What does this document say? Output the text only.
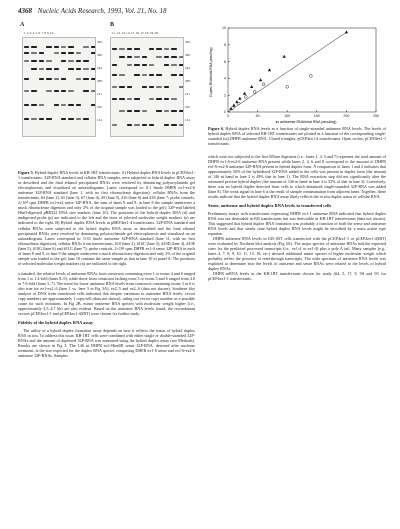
4368 Nucleic Acids Research, 1993, Vol. 21, No. 18
A	B
1 2 3 4 5 6 7 8 9 10	11 12 13 14 15 16 17 18 19 20
506
396
344
298
221
220
154
506
396
344
298
221
220
154
0	50	100	150	200	250
0
2
4
6
8
10
Duplex RNA/total RNA (amol/ug)
ss antisense RNA/total RNA (amol/ug)
Figure 6. Hybrid duplex RNA levels as a function of single-stranded antisense RNA levels. The levels of hybrid duplex RNA of selected KB-1BT transfectants are plotted as a function of the corresponding single-stranded (ss) DHFR antisense RNA. Closed triangles, pCEP4ex1-4 transfectants. Open circles, pCEP4ex1-1 transfectants.

Figure 5. Hybrid duplex RNA levels in KB-1BT transfectants. A) Hybrid duplex RNA levels in pCEP4ex1-1 transfectants. 32P-RNA standard and cellular RNA samples were subjected to hybrid duplex RNA assay as described and the final ethanol precipitated RNAs were resolved by denaturing polyacrylamide gel electrophoresis and visualized on autoradiograms. Lanes correspond to: 0.1 fmole DHFR ex1-ex2-6 antisense 32P-RNA standard (lane 1, with no first ribonuclease digestion); cellular RNAs from the transfectants, #4 (lane 2), #5 (lane 3), #7 (lane 4), #9 (lane 5), #16 (lane 6) and #18 (lane 7; probe controls, 2×10⁴ cpm DHFR ex1-ex2 sense 32P-RNA, the sum of lanes 8 and 9, in lane 8 the sample underwent a mock ribonuclease digestion and only 2% of the original sample was loaded to the gel); 32P-end labeled HinfI-digested pBR322 DNA size markers (lane 10). The positions of the hybrid duplex RNA (d) and undigested probe (p) are indicated to the left and the sizes of selected molecular weight markers (n) are indicated to the right. B) Hybrid duplex RNA levels in pBEP4ex1-4 transfectants. 32P-RNA standard and cellular RNAs were subjected to the hybrid duplex RNA assay as described and the final ethanol precipitated RNAs were resolved by denaturing polyacrylamide gel electrophoresis and visualized on an autoradiogram. Lanes correspond to: 0.35 fmole antisense 32P-RNA standard (lane 11, with no first ribonuclease digestion); cellular RNAs from transfectants, #10 (lane 2), #16C (lane 3), #10D (lane 4), #10E (lane 5), #10G (lane 6) and #11G (lane 7); probe controls, 2×10⁴ cpm DHFR ex1-4 sense 32P-RNA in each of lanes 8 and 9, in lane 9 the sample underwent a mock ribonuclease digestion and only 2% of the original sample was loaded to the gel; lane 10 contains the same sample as that in lane 10 of panel A. The positions of selected molecular weight markers (n) are indicated to the right.

a standard, the relative levels of antisense RNAs from constructs containing exon 1 or exons 4 and 6 ranged from 1 to 1.4-fold (lanes 8–9), while those from constructs lacking exon 5 or exons 5 and 6 ranged from 4.0 to 7.6-fold (lanes 5–7). The trend for lower antisense RNA levels from constructs containing exons 3 or 6 is also true for ex1-ex2–6 (lane 1 vs. lane 3 in Fig 3A), ex2–5 and ex2–6 (data not shown). Southern blot analysis of DNA from transfected cells indicated that despite variations in antisense RNA levels, vector copy numbers are approximately 1 copy/cell (data not shown), ruling out vector copy number as a possible cause for such variations. In Fig 2B, minor antisense RNA species with molecular weight higher (i.e., approximately 4.5–4.7 kb) are also evident. Based on the antisense RNA levels found, the recombinant vectors pCEP4ex1-1 and pCEP4ex1-4(IBT) were chosen for further study.

Fidelity of the hybrid duplex RNA assay

The utility of a hybrid duplex formation assay depends on how it reflects the status of hybrid duplex RNA in situ. To address this issue, KB-1BT cells were combined with either single or double-stranded 32P-RNAs and the amount of duplexed 32P-RNA was measured using the hybrid duplex assay (see Methods). Results are shown in Fig 3. The 146 nt DHFR ex1-HindIII sense 32P-RNA, detected after nuclease treatment, is the size expected for the duplex RNA species comprising DHFR ex1-6 sense and ex1-6-ex2-6 antisense 32P-RNAs. Samples

which were not subjected to the first RNase digestion (i.e., lanes 1, 3, 5 and 7) represent the total amount of DHFR ex1-6-ex2-6 antisense RNA present while lanes 2, 4, 6 and 8 correspond to the amount of DHFR ex1-6-ex2-6 antisense 32P-RNA present in hybrid duplex form. A comparison of lanes 1 and 2 indicates that approximately 50% of the hybridized 32P-RNA added to the cells was present in duplex form (the amount of 146 nt band in lane 2 is 49% that in lane 1). The RNA extraction step did not significantly alter the estimated percent hybrid duplex (the amount of 146 nt band in lane 4 is 53% of that in lane 3). Conversely, there was no hybrid duplex detected from cells to which denatured single-stranded 32P-RNA was added (lane 8). The weak signal in lane 6 is the result of sample contamination from adjacent lanes. Together, these results indicate that the hybrid duplex RNA assay likely reflects the in situ duplex status of cellular RNA.

Sense, antisense and hybrid duplex RNA levels in transfected cells

Preliminary assays with transfectants expressing DHFR ex1-1 antisense RNA indicated that hybrid duplex RNA was not detectable in KB transfectants but was detectable in KB-1BT transfectants (data not shown). This suggested that hybrid duplex RNA formation was probably a function of both the sense and antisense RNA levels and that steady state hybrid duplex RNA levels might be described by a mass action type equation.

DHFR antisense RNA levels in KB-1BT cells transfected with the pCEP4ex1-1 or pCEP4ex1-4(IBT) were evaluated by Northern blot analysis (Fig 4A). The major species of antisense RNAs had the expected sizes for the predicted processed transcripts (i.e., ex1-4 or ex1-4) plus a poly A tail. Many samples (e.g., lanes 4, 7, 8, 9, 10, 11, 15, 18, etc.) showed additional minor species of higher molecular weight which probably reflect the presence of read-through transcripts. The wide spectrum of antisense RNA levels was exploited to determine how the levels of antisense and sense RNAs were related to the levels of hybrid duplex RNAs.

DHFR mRNA levels in the KB-1BT transfectants chosen for study (#4, 5, 17, 9, 9A and 9C for pCEP4ex1-1 transfectants;
